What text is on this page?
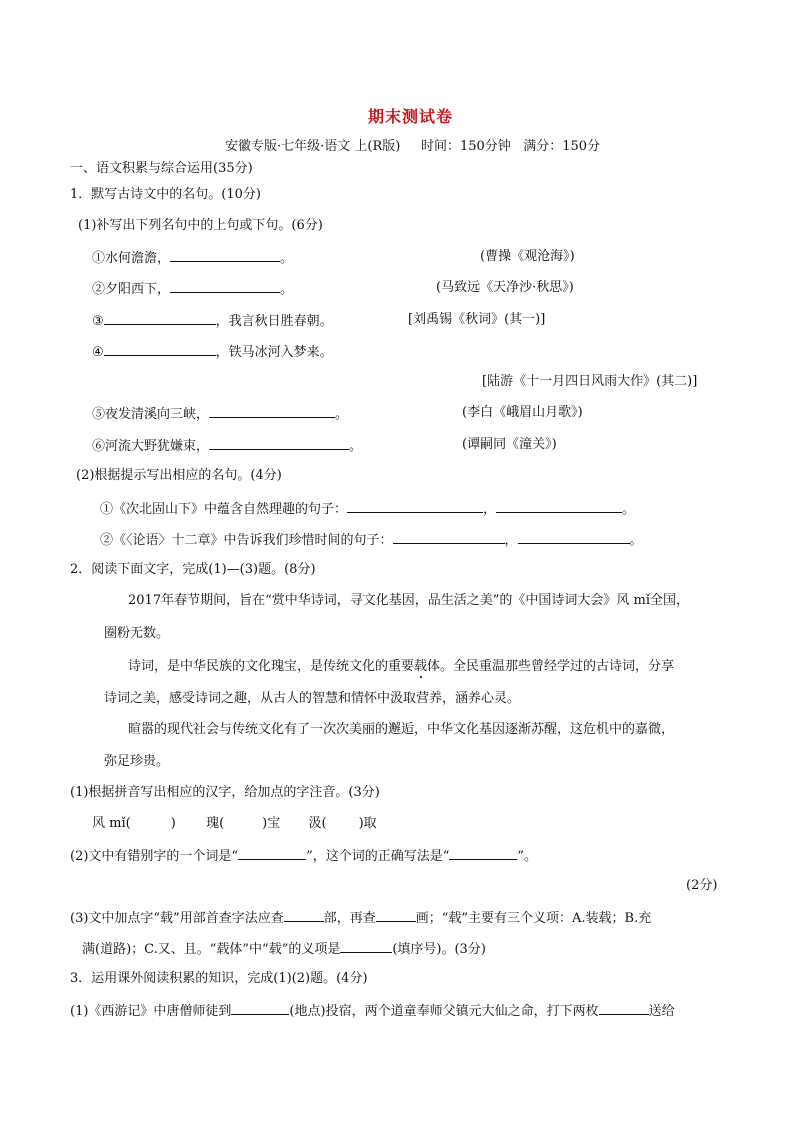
期末测试卷
安徽专版·七年级·语文 上(R版)     时间：150分钟   满分：150分
一、语文积累与综合运用(35分)
1．默写古诗文中的名句。(10分)
(1)补写出下列名句中的上句或下句。(6分)
①水何澹澹，	。	(曹操《观沧海》)
②夕阳西下，	。	(马致远《天净沙·秋思》)
③	，我言秋日胜春朝。	[刘禹锡《秋词》(其一)]
④	，铁马冰河入梦来。
[陆游《十一月四日风雨大作》(其二)]
⑤夜发清溪向三峡，	。	(李白《峨眉山月歌》)
⑥河流大野犹嫌束，	。	(谭嗣同《潼关》)
(2)根据提示写出相应的名句。(4分)
①《次北固山下》中蕴含自然理趣的句子：	，	。
②《〈论语〉十二章》中告诉我们珍惜时间的句子：	，	。
2．阅读下面文字，完成(1)—(3)题。(8分)
2017年春节期间，旨在“赏中华诗词，寻文化基因，品生活之美”的《中国诗词大会》风 mǐ全国，
圈粉无数。
诗词，是中华民族的文化瑰宝，是传统文化的重要载体。全民重温那些曾经学过的古诗词，分享
诗词之美，感受诗词之趣，从古人的智慧和情怀中汲取营养，涵养心灵。
暄嚣的现代社会与传统文化有了一次次美丽的邂逅，中华文化基因逐渐苏醒，这危机中的嘉微，
弥足珍贵。
(1)根据拼音写出相应的汉字，给加点的字注音。(3分)
风 mǐ(	) 瑰(	)宝 汲( )取
(2)文中有错别字的一个词是“	”，这个词的正确写法是“	”。
(2分)
(3)文中加点字“载”用部首查字法应查	部，再查	画；“载”主要有三个义项：A.装载；B.充
满(道路)；C.又、且。“载体”中“载”的义项是	(填序号)。(3分)
3．运用课外阅读积累的知识，完成(1)(2)题。(4分)
(1)《西游记》中唐僧师徒到	(地点)投宿，两个道童奉师父镇元大仙之命，打下两枚	送给
